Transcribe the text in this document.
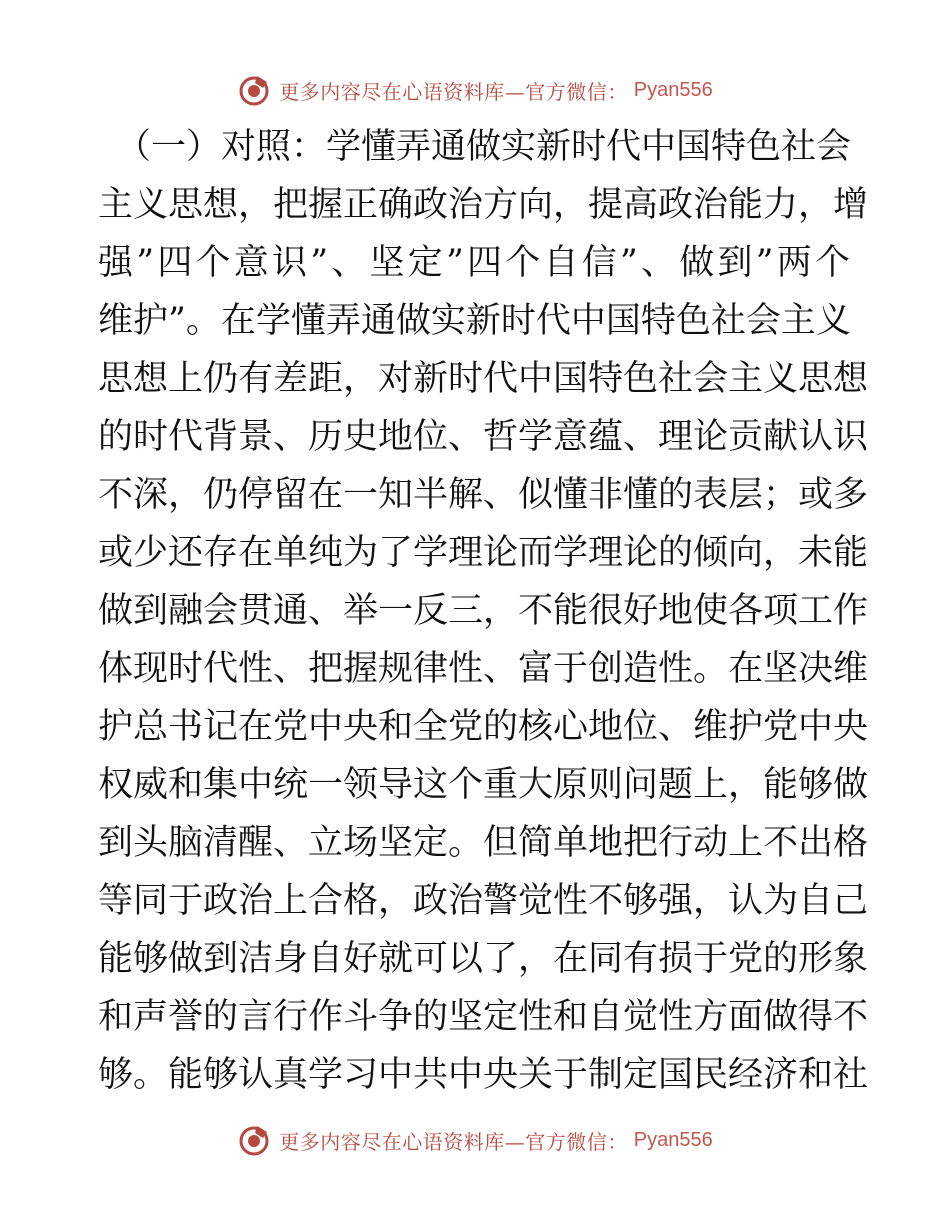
更多内容尽在心语资料库—官方微信： Pyan556
（一）对照：学懂弄通做实新时代中国特色社会
主义思想，把握正确政治方向，提高政治能力，增
强”四个意识”、坚定”四个自信”、做到”两个
维护”。在学懂弄通做实新时代中国特色社会主义
思想上仍有差距，对新时代中国特色社会主义思想
的时代背景、历史地位、哲学意蕴、理论贡献认识
不深，仍停留在一知半解、似懂非懂的表层；或多
或少还存在单纯为了学理论而学理论的倾向，未能
做到融会贯通、举一反三，不能很好地使各项工作
体现时代性、把握规律性、富于创造性。在坚决维
护总书记在党中央和全党的核心地位、维护党中央
权威和集中统一领导这个重大原则问题上，能够做
到头脑清醒、立场坚定。但简单地把行动上不出格
等同于政治上合格，政治警觉性不够强，认为自己
能够做到洁身自好就可以了，在同有损于党的形象
和声誉的言行作斗争的坚定性和自觉性方面做得不
够。能够认真学习中共中央关于制定国民经济和社
更多内容尽在心语资料库—官方微信： Pyan556
